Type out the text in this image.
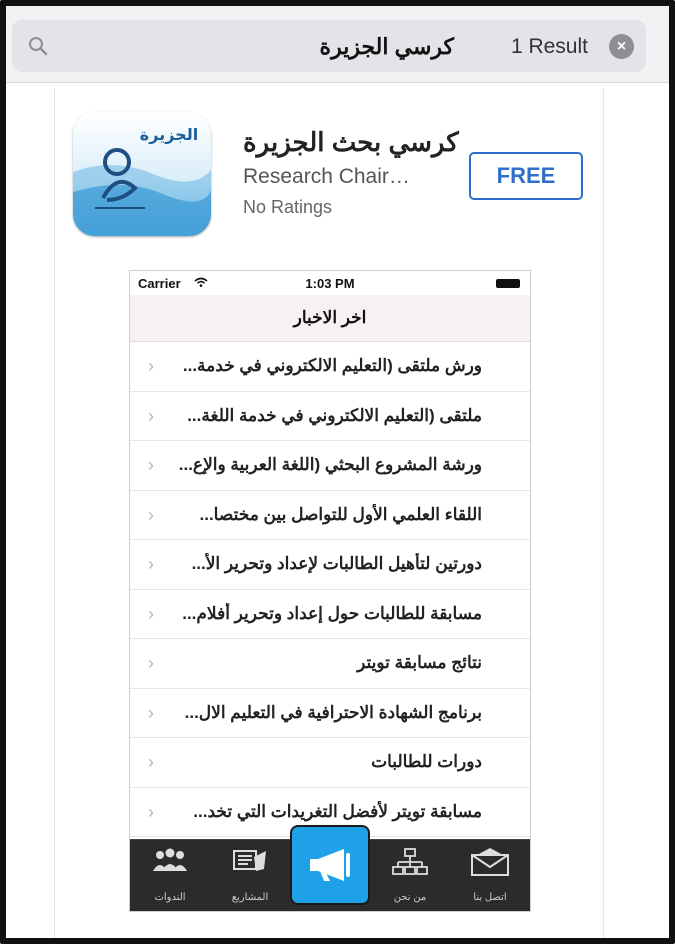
كرسي الجزيرة	1 Result	×
الجزيرة كرسي بحث الجزيرة
Research Chair…
No Ratings
FREE
Carrier	1:03 PM
اخر الاخبار
›	ورش ملتقى (التعليم الالكتروني في خدمة...
›	ملتقى (التعليم الالكتروني في خدمة اللغة...
›	ورشة المشروع البحثي (اللغة العربية والإع...
›	اللقاء العلمي الأول للتواصل بين مختصا...
›	دورتين لتأهيل الطالبات لإعداد وتحرير الأ...
›	مسابقة للطالبات حول إعداد وتحرير أفلام...
›	نتائج مسابقة تويتر
›	برنامج الشهادة الاحترافية في التعليم الال...
›	دورات للطالبات
›	مسابقة تويتر لأفضل التغريدات التي تخد...
الندوات	المشاريع	من نحن	اتصل بنا
